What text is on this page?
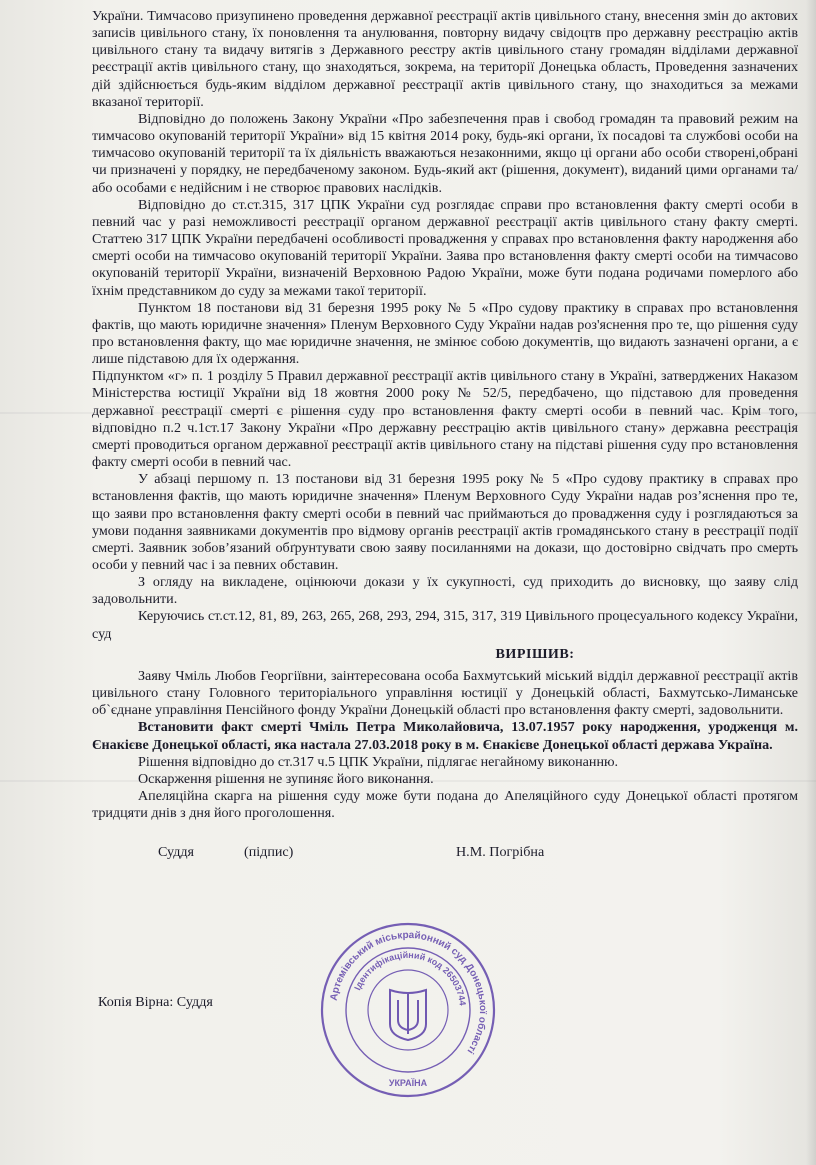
України. Тимчасово призупинено проведення державної реєстрації актів цивільного стану, внесення змін до актових записів цивільного стану, їх поновлення та анулювання, повторну видачу свідоцтв про державну реєстрацію актів цивільного стану та видачу витягів з Державного реєстру актів цивільного стану громадян відділами державної реєстрації актів цивільного стану, що знаходяться, зокрема, на території Донецька область, Проведення зазначених дій здійснюється будь-яким відділом державної реєстрації актів цивільного стану, що знаходиться за межами вказаної території.

Відповідно до положень Закону України «Про забезпечення прав і свобод громадян та правовий режим на тимчасово окупованій території України» від 15 квітня 2014 року, будь-які органи, їх посадові та службові особи на тимчасово окупованій території та їх діяльність вважаються незаконними, якщо ці органи або особи створені,обрані чи призначені у порядку, не передбаченому законом. Будь-який акт (рішення, документ), виданий цими органами та/ або особами є недійсним і не створює правових наслідків.

Відповідно до ст.ст.315, 317 ЦПК України суд розглядає справи про встановлення факту смерті особи в певний час у разі неможливості реєстрації органом державної реєстрації актів цивільного стану факту смерті. Статтею 317 ЦПК України передбачені особливості провадження у справах про встановлення факту народження або смерті особи на тимчасово окупованій території України. Заява про встановлення факту смерті особи на тимчасово окупованій території України, визначеній Верховною Радою України, може бути подана родичами померлого або їхнім представником до суду за межами такої території.

Пунктом 18 постанови від 31 березня 1995 року № 5 «Про судову практику в справах про встановлення фактів, що мають юридичне значення» Пленум Верховного Суду України надав роз'яснення про те, що рішення суду про встановлення факту, що має юридичне значення, не змінює собою документів, що видають зазначені органи, а є лише підставою для їх одержання.

Підпунктом «г» п. 1 розділу 5 Правил державної реєстрації актів цивільного стану в Україні, затверджених Наказом Міністерства юстиції України від 18 жовтня 2000 року № 52/5, передбачено, що підставою для проведення державної реєстрації смерті є рішення суду про встановлення факту смерті особи в певний час. Крім того, відповідно п.2 ч.1ст.17 Закону України «Про державну реєстрацію актів цивільного стану» державна реєстрація смерті проводиться органом державної реєстрації актів цивільного стану на підставі рішення суду про встановлення факту смерті особи в певний час.

У абзаці першому п. 13 постанови від 31 березня 1995 року № 5 «Про судову практику в справах про встановлення фактів, що мають юридичне значення» Пленум Верховного Суду України надав роз’яснення про те, що заяви про встановлення факту смерті особи в певний час приймаються до провадження суду і розглядаються за умови подання заявниками документів про відмову органів реєстрації актів громадянського стану в реєстрації події смерті. Заявник зобов’язаний обґрунтувати свою заяву посиланнями на докази, що достовірно свідчать про смерть особи у певний час і за певних обставин.

З огляду на викладене, оцінюючи докази у їх сукупності, суд приходить до висновку, що заяву слід задовольнити.

Керуючись ст.ст.12, 81, 89, 263, 265, 268, 293, 294, 315, 317, 319 Цивільного процесуального кодексу України, суд

ВИРІШИВ:

Заяву Чміль Любов Георгіївни, заінтересована особа Бахмутський міський відділ державної реєстрації актів цивільного стану Головного територіального управління юстиції у Донецькій області, Бахмутсько-Лиманське об`єднане управління Пенсійного фонду України Донецькій області про встановлення факту смерті, задовольнити.

Встановити факт смерті Чміль Петра Миколайовича, 13.07.1957 року народження, уродженця м. Єнакієве Донецької області, яка настала 27.03.2018 року в м. Єнакієве Донецької області держава Україна.

Рішення відповідно до ст.317 ч.5 ЦПК України, підлягає негайному виконанню.

Оскарження рішення не зупиняє його виконання.

Апеляційна скарга на рішення суду може бути подана до Апеляційного суду Донецької області протягом тридцяти днів з дня його проголошення.

Суддя	(підпис)	Н.М. Погрібна
Копія Вірна: Суддя	Артемівський міськрайонний суд Донецької області
Ідентифікаційний код 26503744
УКРАЇНА
